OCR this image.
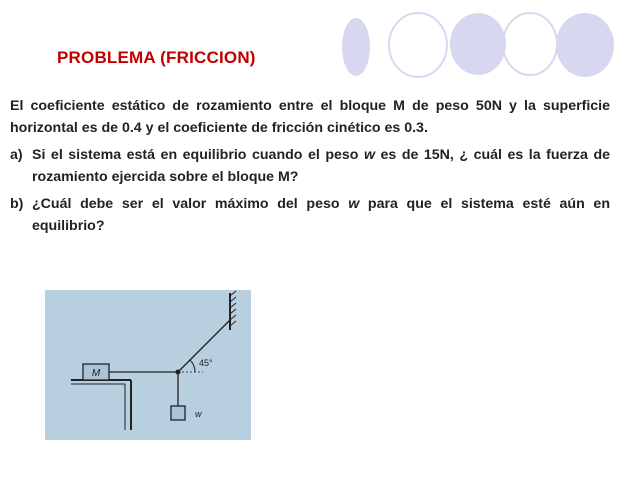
PROBLEMA (FRICCION)

El coeficiente estático de rozamiento entre el bloque M de peso 50N y la superficie horizontal es de 0.4 y el coeficiente de fricción cinético es 0.3.

a) Si el sistema está en equilibrio cuando el peso w es de 15N, ¿ cuál es la fuerza de rozamiento ejercida sobre el bloque M?
b) ¿Cuál debe ser el valor máximo del peso w para que el sistema esté aún en equilibrio?
M
45°
w
